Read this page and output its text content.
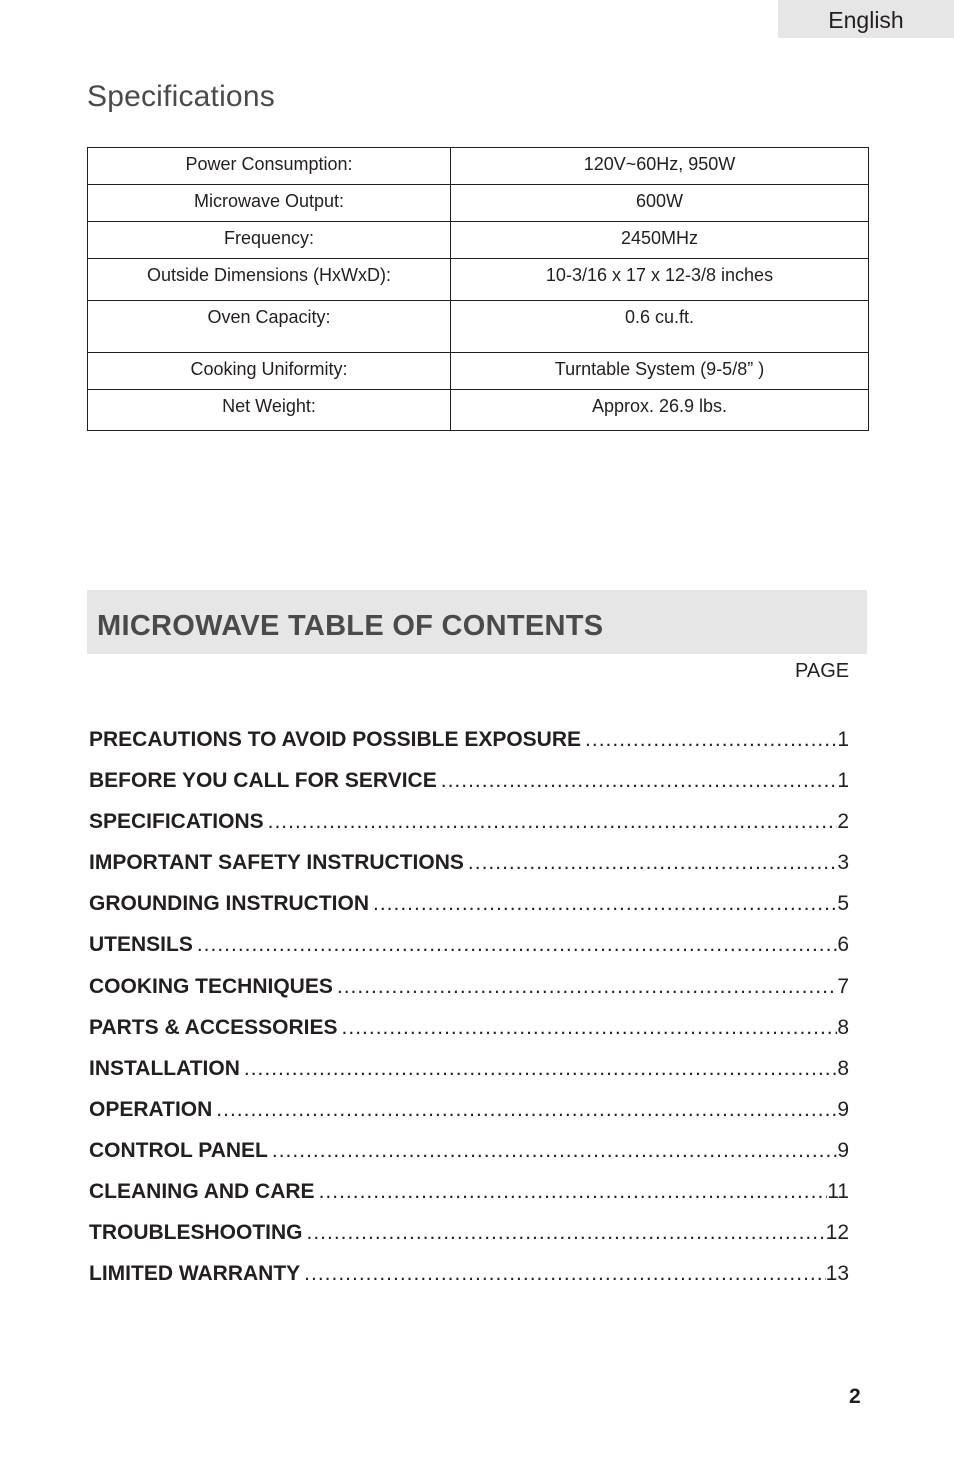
English
Specifications
Power Consumption:	120V~60Hz, 950W
Microwave Output:	600W
Frequency:	2450MHz
Outside Dimensions (HxWxD):	10-3/16 x 17 x 12-3/8 inches
Oven Capacity:	0.6 cu.ft.
Cooking Uniformity:	Turntable System (9-5/8” )
Net Weight:	Approx. 26.9 lbs.
MICROWAVE TABLE OF CONTENTS
PAGE
PRECAUTIONS TO AVOID POSSIBLE EXPOSURE .....	1
BEFORE YOU CALL FOR SERVICE .....	1
SPECIFICATIONS .....	2
IMPORTANT SAFETY INSTRUCTIONS .....	3
GROUNDING INSTRUCTION .....	5
UTENSILS .....	6
COOKING TECHNIQUES .....	7
PARTS & ACCESSORIES .....	8
INSTALLATION .....	8
OPERATION .....	9
CONTROL PANEL .....	9
CLEANING AND CARE .....	11
TROUBLESHOOTING .....	12
LIMITED WARRANTY .....	13
2
